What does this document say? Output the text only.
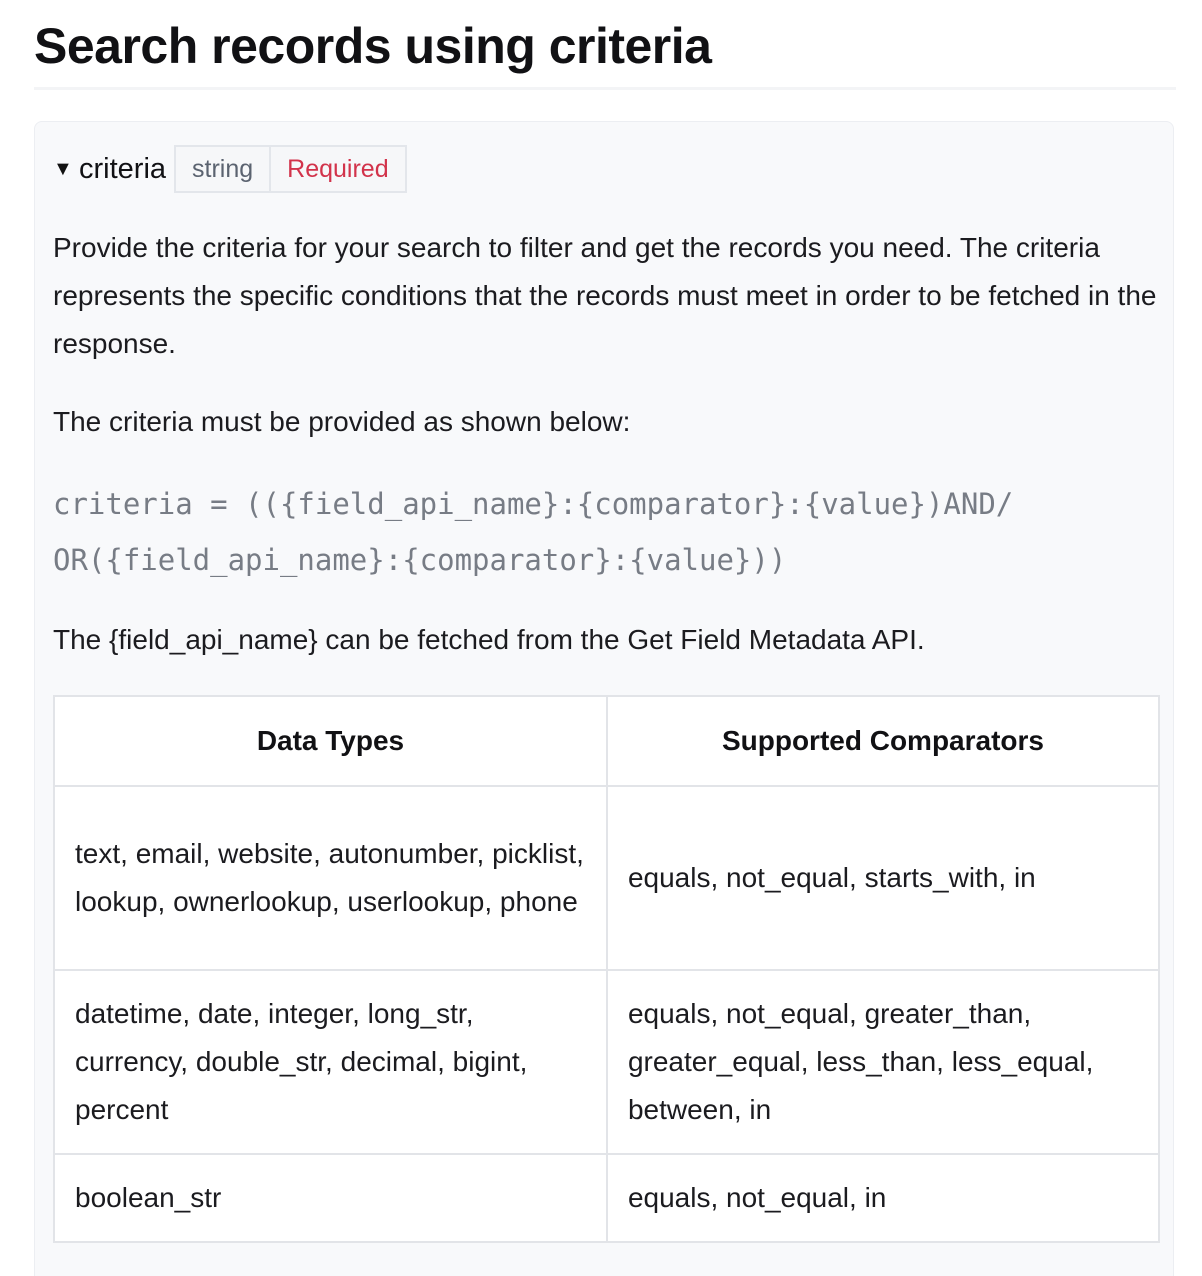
Search records using criteria
▼ criteria	string	Required

Provide the criteria for your search to filter and get the records you need. The criteria represents the specific conditions that the records must meet in order to be fetched in the response.

The criteria must be provided as shown below:

criteria = (({field_api_name}:{comparator}:{value})AND/
OR({field_api_name}:{comparator}:{value}))

The {field_api_name} can be fetched from the Get Field Metadata API.

Data Types	Supported Comparators
text, email, website, autonumber, picklist, lookup, ownerlookup, userlookup, phone	equals, not_equal, starts_with, in
datetime, date, integer, long_str, currency, double_str, decimal, bigint, percent	equals, not_equal, greater_than, greater_equal, less_than, less_equal, between, in
boolean_str	equals, not_equal, in
